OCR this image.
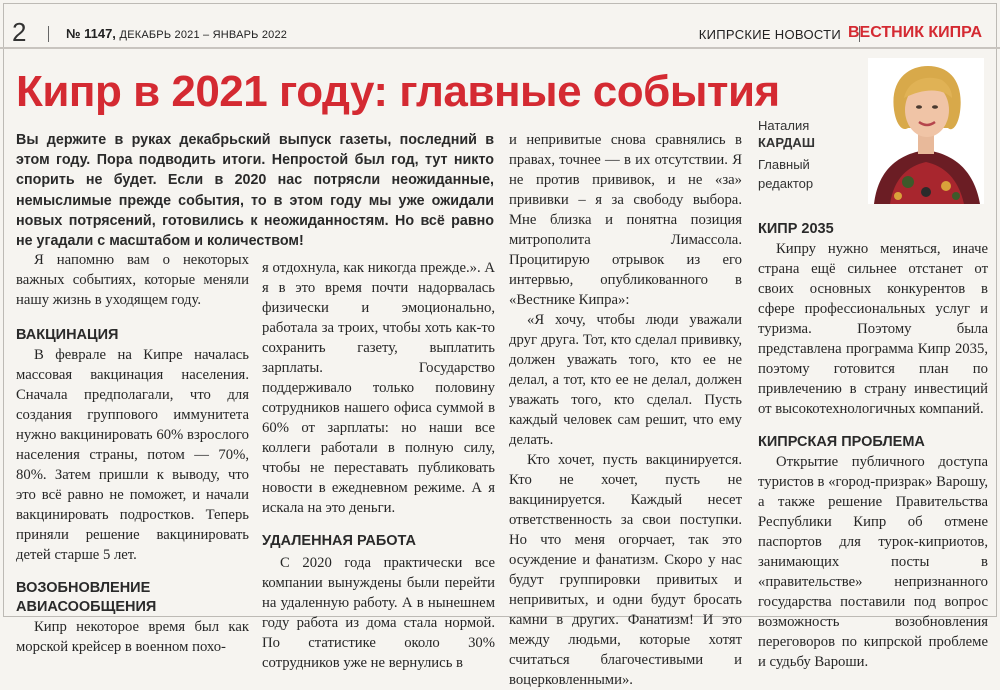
2	№ 1147, ДЕКАБРЬ 2021 – ЯНВАРЬ 2022	КИПРСКИЕ НОВОСТИ ВЕСТНИК КИПРА
Кипр в 2021 году: главные события
Наталия
КАРДАШ
Главный редактор
Вы держите в руках декабрьский выпуск газеты, последний в этом году. Пора подводить итоги. Непростой был год, тут никто спорить не будет. Если в 2020 нас потрясли неожиданные, немыслимые прежде события, то в этом году мы уже ожидали новых потрясений, готовились к неожиданностям. Но всё равно не угадали с масштабом и количеством!

Я напомню вам о некоторых важных событиях, которые меняли нашу жизнь в уходящем году.

ВАКЦИНАЦИЯ

В феврале на Кипре началась массовая вакцинация населения. Сначала предполагали, что для создания группового иммунитета нужно вакцинировать 60% взрослого населения страны, потом — 70%, 80%. Затем пришли к выводу, что это всё равно не поможет, и начали вакцинировать подростков. Теперь приняли решение вакцинировать детей старше 5 лет.

ВОЗОБНОВЛЕНИЕ АВИАСООБЩЕНИЯ

Кипр некоторое время был как морской крейсер в военном похо-

я отдохнула, как никогда прежде.». А я в это время почти надорвалась физически и эмоционально, работала за троих, чтобы хоть как-то сохранить газету, выплатить зарплаты. Государство поддерживало только половину сотрудников нашего офиса суммой в 60% от зарплаты: но наши все коллеги работали в полную силу, чтобы не переставать публиковать новости в ежедневном режиме. А я искала на это деньги.

УДАЛЕННАЯ РАБОТА

С 2020 года практически все компании вынуждены были перейти на удаленную работу. А в нынешнем году работа из дома стала нормой. По статистике около 30% сотрудников уже не вернулись в

и непривитые снова сравнялись в правах, точнее — в их отсутствии. Я не против прививок, и не «за» прививки – я за свободу выбора. Мне близка и понятна позиция митрополита Лимассола. Процитирую отрывок из его интервью, опубликованного в «Вестнике Кипра»:

«Я хочу, чтобы люди уважали друг друга. Тот, кто сделал прививку, должен уважать того, кто ее не делал, а тот, кто ее не делал, должен уважать того, кто сделал. Пусть каждый человек сам решит, что ему делать.

Кто хочет, пусть вакцинируется. Кто не хочет, пусть не вакцинируется. Каждый несет ответственность за свои поступки. Но что меня огорчает, так это осуждение и фанатизм. Скоро у нас будут группировки привитых и непривитых, и одни будут бросать камни в других. Фанатизм! И это между людьми, которые хотят считаться благочестивыми и воцерковленными».

КИПР 2035

Кипру нужно меняться, иначе страна ещё сильнее отстанет от своих основных конкурентов в сфере профессиональных услуг и туризма. Поэтому была представлена программа Кипр 2035, поэтому готовится план по привлечению в страну инвестиций от высокотехнологичных компаний.

КИПРСКАЯ ПРОБЛЕМА

Открытие публичного доступа туристов в «город-призрак» Варошу, а также решение Правительства Республики Кипр об отмене паспортов для турок-киприотов, занимающих посты в «правительстве» непризнанного государства поставили под вопрос возможность возобновления переговоров по кипрской проблеме и судьбу Вароши.
